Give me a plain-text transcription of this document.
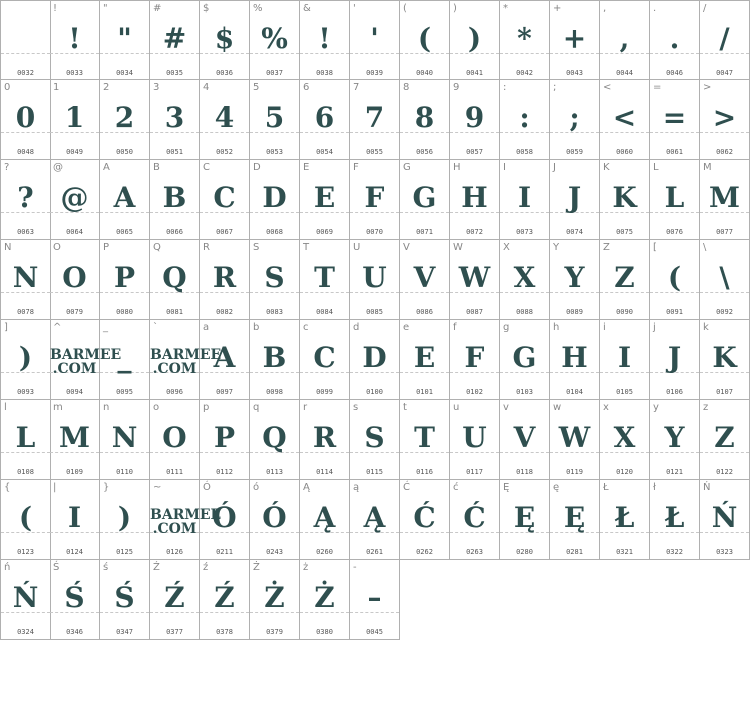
0032
!
!
0033
"
"
0034
#
#
0035
$
$
0036
%
%
0037
&
!
0038
'
'
0039
(
(
0040
)
)
0041
*
*
0042
+
+
0043
,
,
0044
.
.
0046
/
/
0047
0
0
0048
1
1
0049
2
2
0050
3
3
0051
4
4
0052
5
5
0053
6
6
0054
7
7
0055
8
8
0056
9
9
0057
:
:
0058
;
;
0059
<
<
0060
=
=
0061
>
>
0062
?
?
0063
@
@
0064
A
A
0065
B
B
0066
C
C
0067
D
D
0068
E
E
0069
F
F
0070
G
G
0071
H
H
0072
I
I
0073
J
J
0074
K
K
0075
L
L
0076
M
M
0077
N
N
0078
O
O
0079
P
P
0080
Q
Q
0081
R
R
0082
S
S
0083
T
T
0084
U
U
0085
V
V
0086
W
W
0087
X
X
0088
Y
Y
0089
Z
Z
0090
[
(
0091
\
\
0092
]
)
0093
^
BARMEE
.COM
0094
_
_
0095
`
BARMEE
.COM
0096
a
A
0097
b
B
0098
c
C
0099
d
D
0100
e
E
0101
f
F
0102
g
G
0103
h
H
0104
i
I
0105
j
J
0106
k
K
0107
l
L
0108
m
M
0109
n
N
0110
o
O
0111
p
P
0112
q
Q
0113
r
R
0114
s
S
0115
t
T
0116
u
U
0117
v
V
0118
w
W
0119
x
X
0120
y
Y
0121
z
Z
0122
{
(
0123
|
I
0124
}
)
0125
~
BARMEE
.COM
0126
Ó
Ó
0211
ó
Ó
0243
Ą
Ą
0260
ą
Ą
0261
Ć
Ć
0262
ć
Ć
0263
Ę
Ę
0280
ę
Ę
0281
Ł
Ł
0321
ł
Ł
0322
Ń
Ń
0323
ń
Ń
0324
Ś
Ś
0346
ś
Ś
0347
Ź
Ź
0377
ź
Ź
0378
Ż
Ż
0379
ż
Ż
0380
-
–
0045
